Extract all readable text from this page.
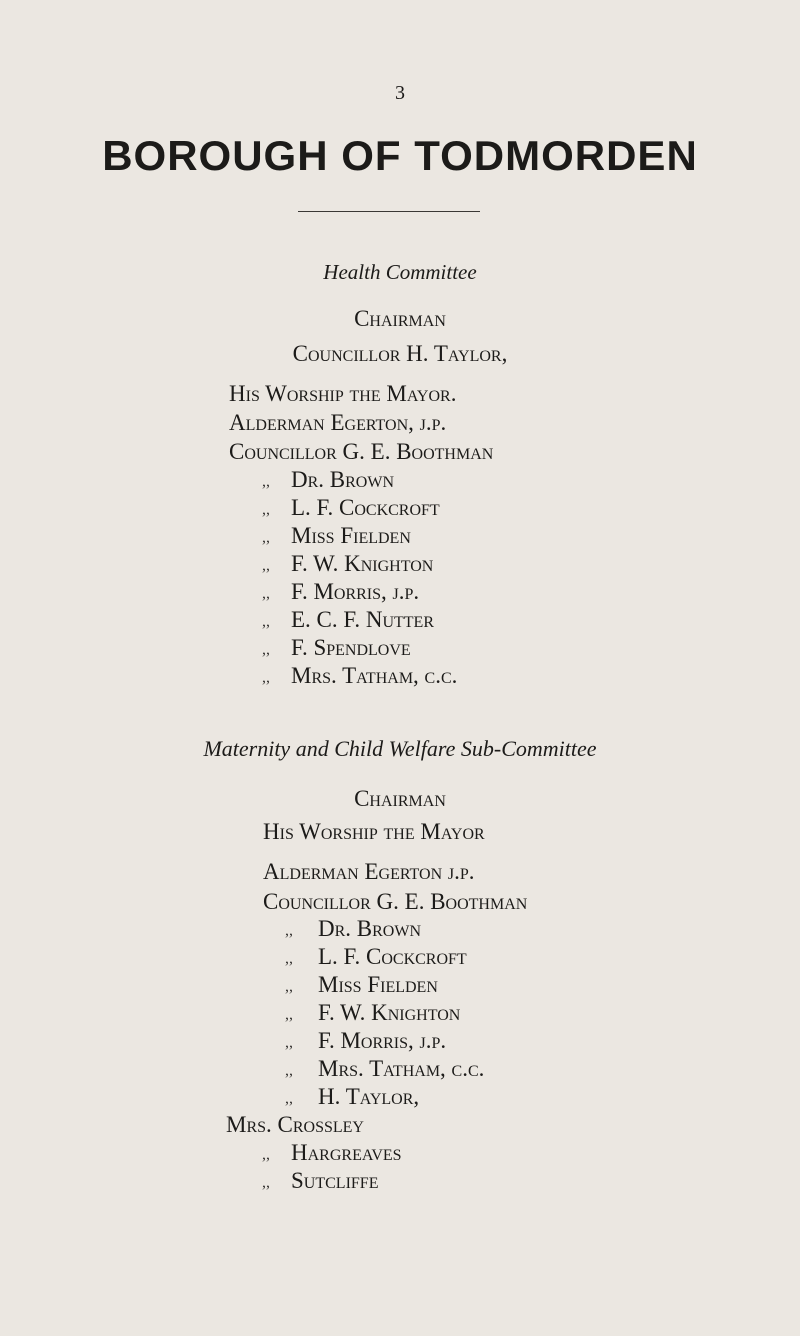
3
BOROUGH OF TODMORDEN
Health Committee
Chairman
Councillor H. Taylor,
His Worship the Mayor.
Alderman Egerton, j.p.
Councillor G. E. Boothman
,, Dr. Brown
,, L. F. Cockcroft
,, Miss Fielden
,, F. W. Knighton
,, F. Morris, j.p.
,, E. C. F. Nutter
,, F. Spendlove
,, Mrs. Tatham, c.c.
Maternity and Child Welfare Sub-Committee
Chairman
His Worship the Mayor
Alderman Egerton j.p.
Councillor G. E. Boothman
,, Dr. Brown
,, L. F. Cockcroft
,, Miss Fielden
,, F. W. Knighton
,, F. Morris, j.p.
,, Mrs. Tatham, c.c.
,, H. Taylor,
Mrs. Crossley
,, Hargreaves
,, Sutcliffe
